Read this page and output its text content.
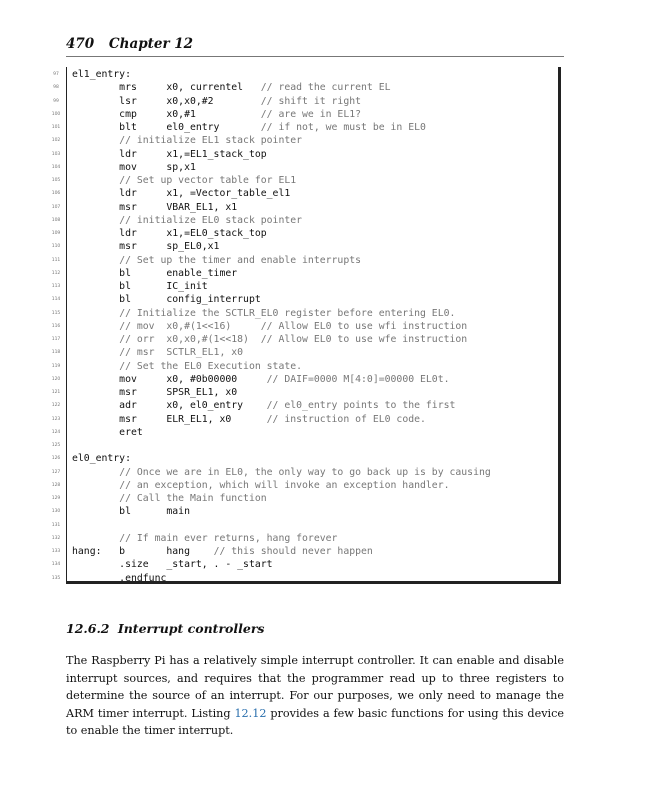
470 Chapter 12
97	el1_entry:
98	mrs     x0, currentel   // read the current EL
99	lsr     x0,x0,#2        // shift it right
100	cmp     x0,#1           // are we in EL1?
101	blt     el0_entry       // if not, we must be in EL0
102	// initialize EL1 stack pointer
103	ldr     x1,=EL1_stack_top
104	mov     sp,x1
105	// Set up vector table for EL1
106	ldr     x1, =Vector_table_el1
107	msr     VBAR_EL1, x1
108	// initialize EL0 stack pointer
109	ldr     x1,=EL0_stack_top
110	msr     sp_EL0,x1
111	// Set up the timer and enable interrupts
112	bl      enable_timer
113	bl      IC_init
114	bl      config_interrupt
115	// Initialize the SCTLR_EL0 register before entering EL0.
116	// mov  x0,#(1<<16)     // Allow EL0 to use wfi instruction
117	// orr  x0,x0,#(1<<18)  // Allow EL0 to use wfe instruction
118	// msr  SCTLR_EL1, x0
119	// Set the EL0 Execution state.
120	mov     x0, #0b00000     // DAIF=0000 M[4:0]=00000 EL0t.
121	msr     SPSR_EL1, x0
122	adr     x0, el0_entry    // el0_entry points to the first
123	msr     ELR_EL1, x0      // instruction of EL0 code.
124	eret
125
126	el0_entry:
127	// Once we are in EL0, the only way to go back up is by causing
128	// an exception, which will invoke an exception handler.
129	// Call the Main function
130	bl      main
131
132	// If main ever returns, hang forever
133	hang:   b       hang    // this should never happen
134	.size   _start, . - _start
135	.endfunc
12.6.2 Interrupt controllers
The Raspberry Pi has a relatively simple interrupt controller. It can enable and disable interrupt sources, and requires that the programmer read up to three registers to determine the source of an interrupt. For our purposes, we only need to manage the ARM timer interrupt. Listing 12.12 provides a few basic functions for using this device to enable the timer interrupt.
